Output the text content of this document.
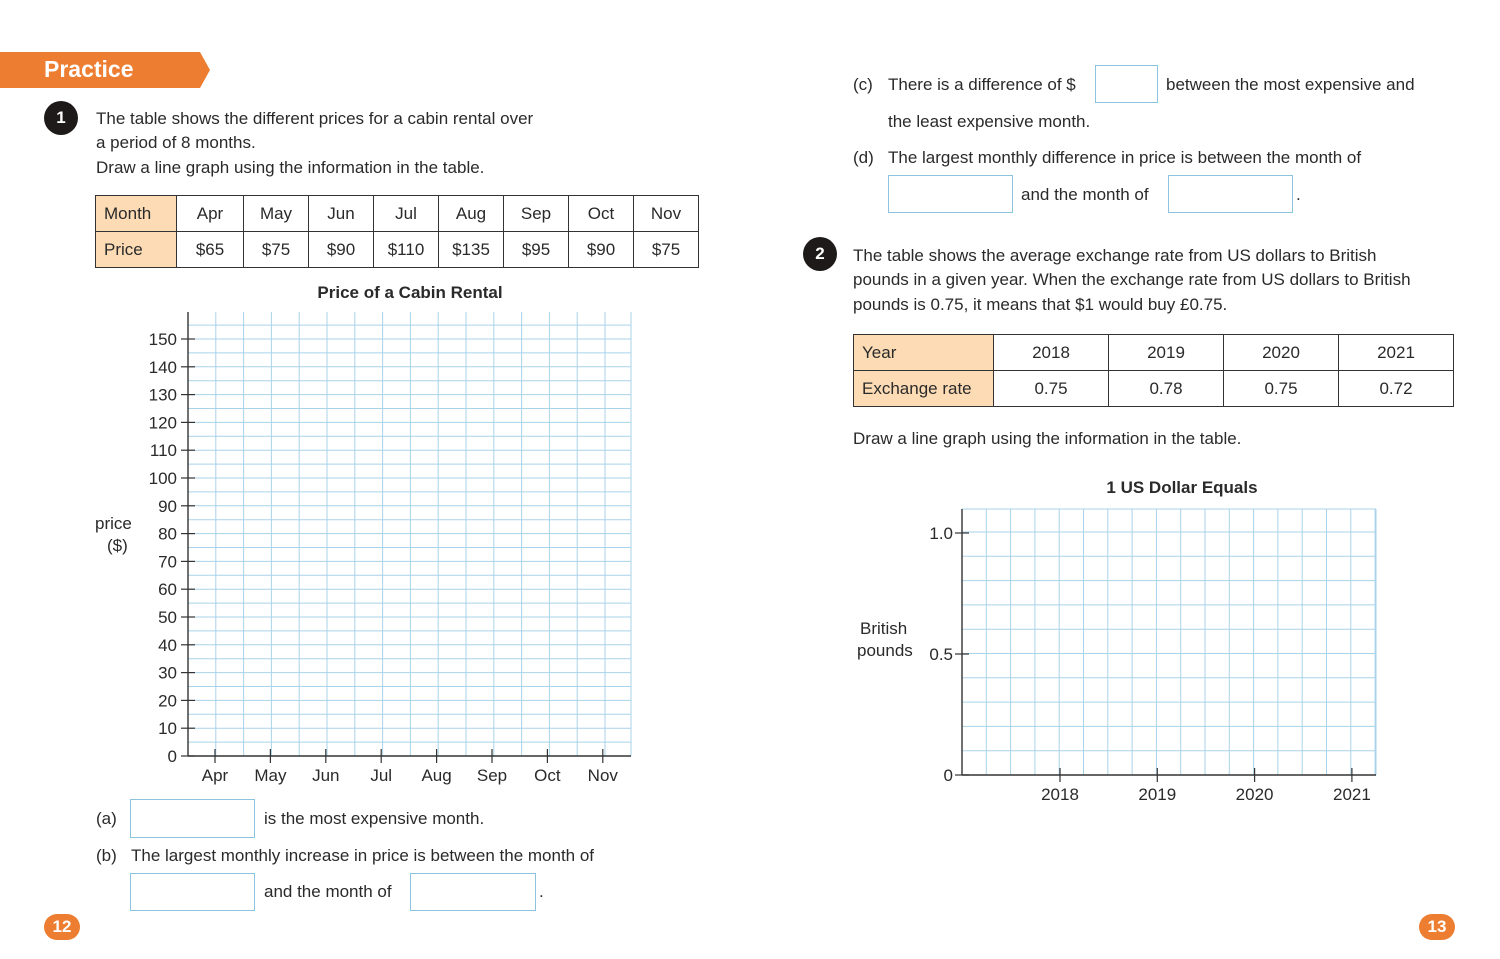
Practice
1	The table shows the different prices for a cabin rental over
a period of 8 months.
Draw a line graph using the information in the table.
Month	Apr	May	Jun	Jul	Aug	Sep	Oct	Nov
Price	$65	$75	$90	$110	$135	$95	$90	$75
Price of a Cabin Rental
price
($)
0
10
20
30
40
50
60
70
80
90
100
110
120
130
140
150
Apr May Jun Jul Aug Sep Oct Nov
(a)	is the most expensive month.
(b) The largest monthly increase in price is between the month of
and the month of	.
12
(c) There is a difference of $	between the most expensive and
the least expensive month.
(d) The largest monthly difference in price is between the month of
and the month of	.
2	The table shows the average exchange rate from US dollars to British
pounds in a given year. When the exchange rate from US dollars to British
pounds is 0.75, it means that $1 would buy £0.75.
Year	2018	2019	2020	2021
Exchange rate	0.75	0.78	0.75	0.72
Draw a line graph using the information in the table.
1 US Dollar Equals
British
pounds
0
0.5
1.0
2018	2019	2020	2021
13
